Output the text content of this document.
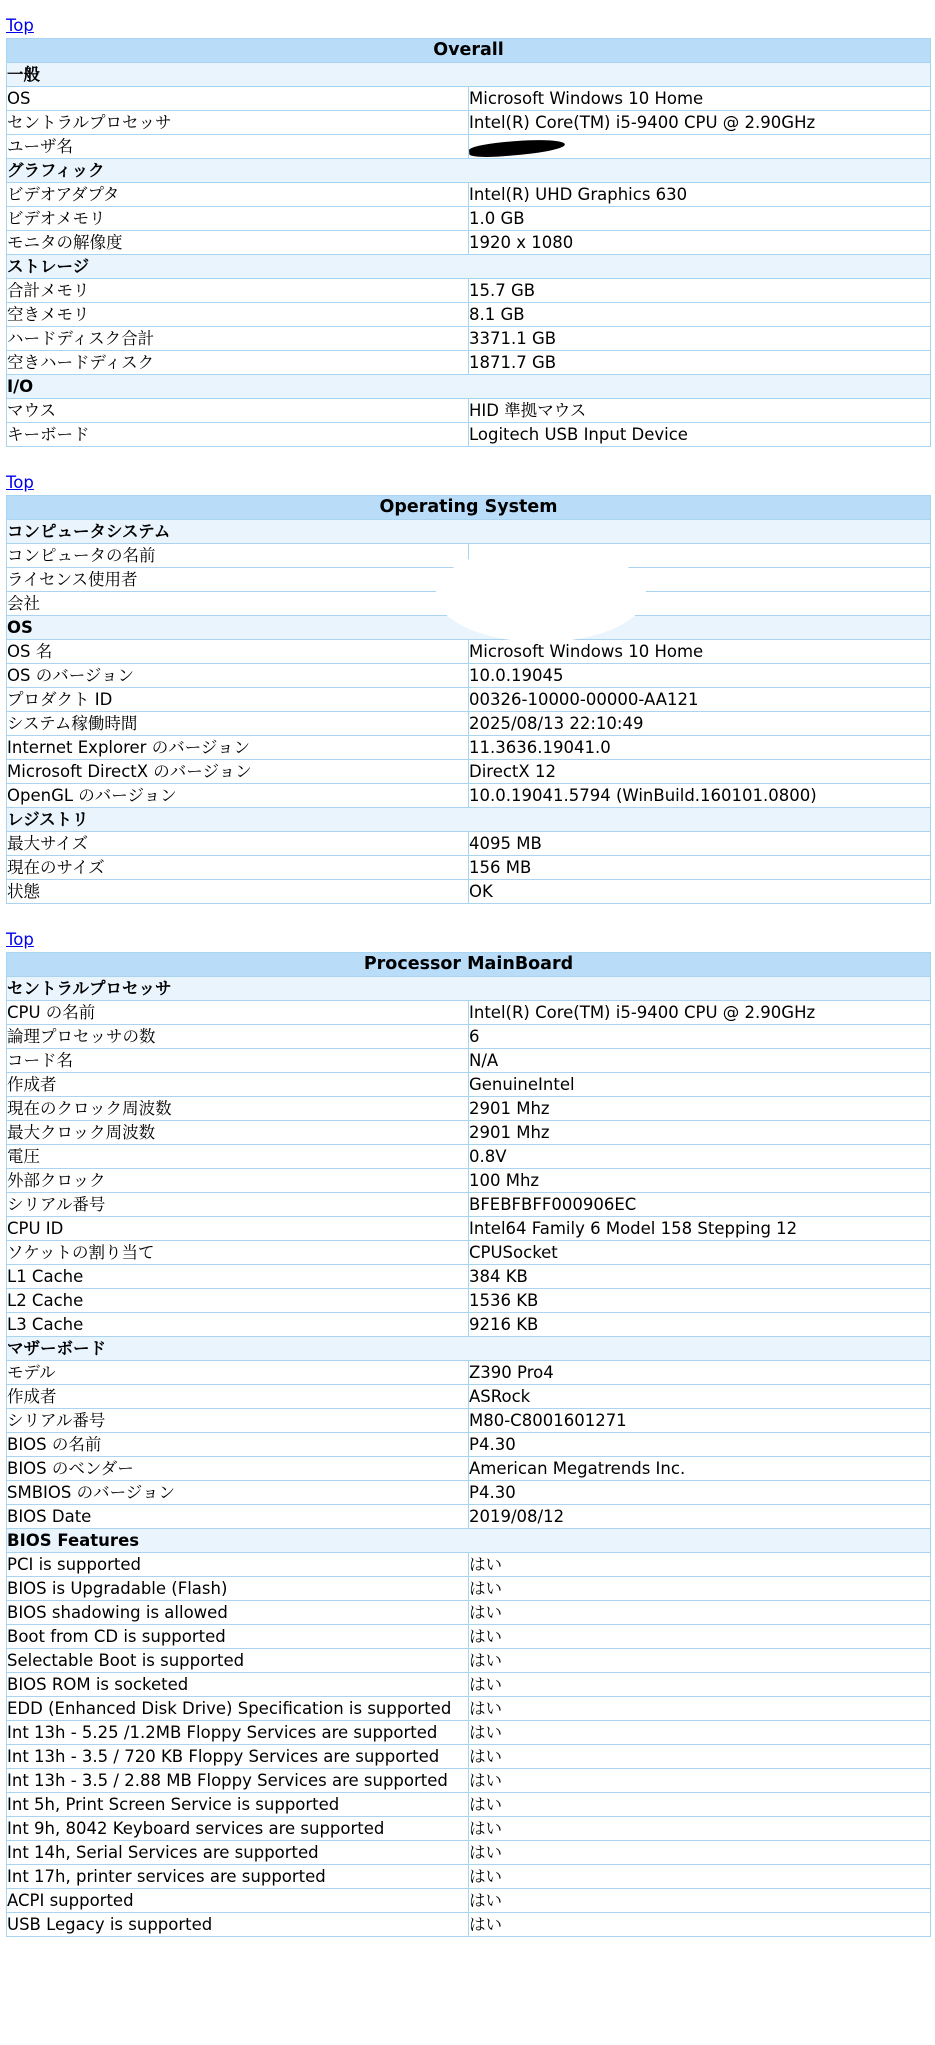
Top
Overall	
一般	
OS	Microsoft Windows 10 Home
セントラルプロセッサ	Intel(R) Core(TM) i5-9400 CPU @ 2.90GHz
ユーザ名	
グラフィック	
ビデオアダプタ	Intel(R) UHD Graphics 630
ビデオメモリ	1.0 GB
モニタの解像度	1920 x 1080
ストレージ	
合計メモリ	15.7 GB
空きメモリ	8.1 GB
ハードディスク合計	3371.1 GB
空きハードディスク	1871.7 GB
I/O	
マウス	HID 準拠マウス
キーボード	Logitech USB Input Device
Top
Operating System	
コンピュータシステム	
コンピュータの名前	
ライセンス使用者	
会社	
OS	
OS 名	Microsoft Windows 10 Home
OS のバージョン	10.0.19045
プロダクト ID	00326-10000-00000-AA121
システム稼働時間	2025/08/13 22:10:49
Internet Explorer のバージョン	11.3636.19041.0
Microsoft DirectX のバージョン	DirectX 12
OpenGL のバージョン	10.0.19041.5794 (WinBuild.160101.0800)
レジストリ	
最大サイズ	4095 MB
現在のサイズ	156 MB
状態	OK
Top
Processor MainBoard	
セントラルプロセッサ	
CPU の名前	Intel(R) Core(TM) i5-9400 CPU @ 2.90GHz
論理プロセッサの数	6
コード名	N/A
作成者	GenuineIntel
現在のクロック周波数	2901 Mhz
最大クロック周波数	2901 Mhz
電圧	0.8V
外部クロック	100 Mhz
シリアル番号	BFEBFBFF000906EC
CPU ID	Intel64 Family 6 Model 158 Stepping 12
ソケットの割り当て	CPUSocket
L1 Cache	384 KB
L2 Cache	1536 KB
L3 Cache	9216 KB
マザーボード	
モデル	Z390 Pro4
作成者	ASRock
シリアル番号	M80-C8001601271
BIOS の名前	P4.30
BIOS のベンダー	American Megatrends Inc.
SMBIOS のバージョン	P4.30
BIOS Date	2019/08/12
BIOS Features	
PCI is supported	はい
BIOS is Upgradable (Flash)	はい
BIOS shadowing is allowed	はい
Boot from CD is supported	はい
Selectable Boot is supported	はい
BIOS ROM is socketed	はい
EDD (Enhanced Disk Drive) Specification is supported	はい
Int 13h - 5.25 /1.2MB Floppy Services are supported	はい
Int 13h - 3.5 / 720 KB Floppy Services are supported	はい
Int 13h - 3.5 / 2.88 MB Floppy Services are supported	はい
Int 5h, Print Screen Service is supported	はい
Int 9h, 8042 Keyboard services are supported	はい
Int 14h, Serial Services are supported	はい
Int 17h, printer services are supported	はい
ACPI supported	はい
USB Legacy is supported	はい
